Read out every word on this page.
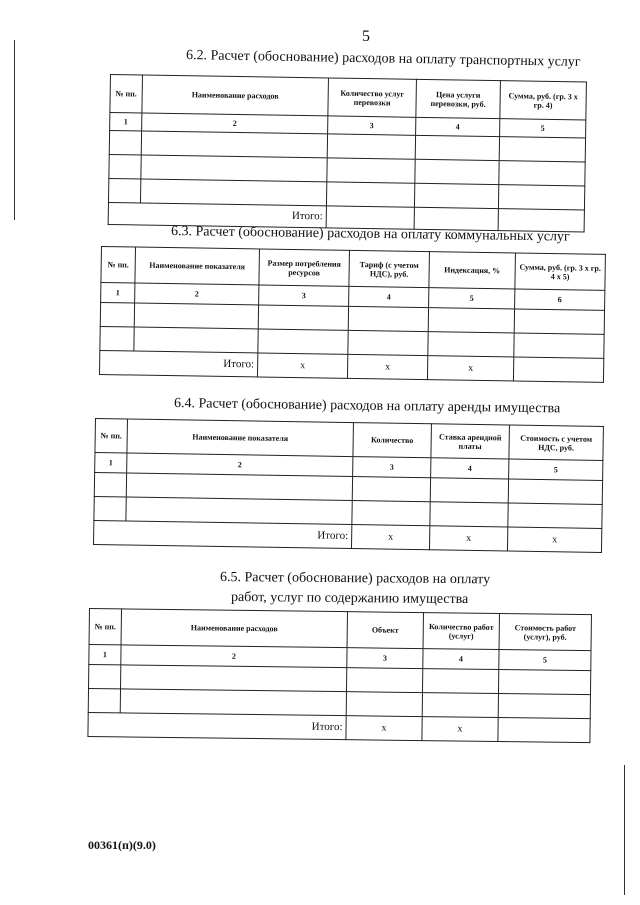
5
6.2. Расчет (обоснование) расходов на оплату транспортных услуг
№ пп.	Наименование расходов	Количество услуг перевозки	Цена услуги перевозки, руб.	Сумма, руб. (гр. 3 x гр. 4)
1	2	3	4	5

Итого:				
6.3. Расчет (обоснование) расходов на оплату коммунальных услуг
№ пп.	Наименование показателя	Размер потребления ресурсов	Тариф (с учетом НДС), руб.	Индексация, %	Сумма, руб. (гр. 3 x гр. 4 x 5)
1	2	3	4	5	6

Итого:		x	x	x	
6.4. Расчет (обоснование) расходов на оплату аренды имущества
№ пп.	Наименование показателя	Количество	Ставка арендной платы	Стоимость с учетом НДС, руб.
1	2	3	4	5

Итого:		x	x	x
6.5. Расчет (обоснование) расходов на оплату
работ, услуг по содержанию имущества
№ пп.	Наименование расходов	Объект	Количество работ (услуг)	Стоимость работ (услуг), руб.
1	2	3	4	5

Итого:		x	x	
00361(п)(9.0)
